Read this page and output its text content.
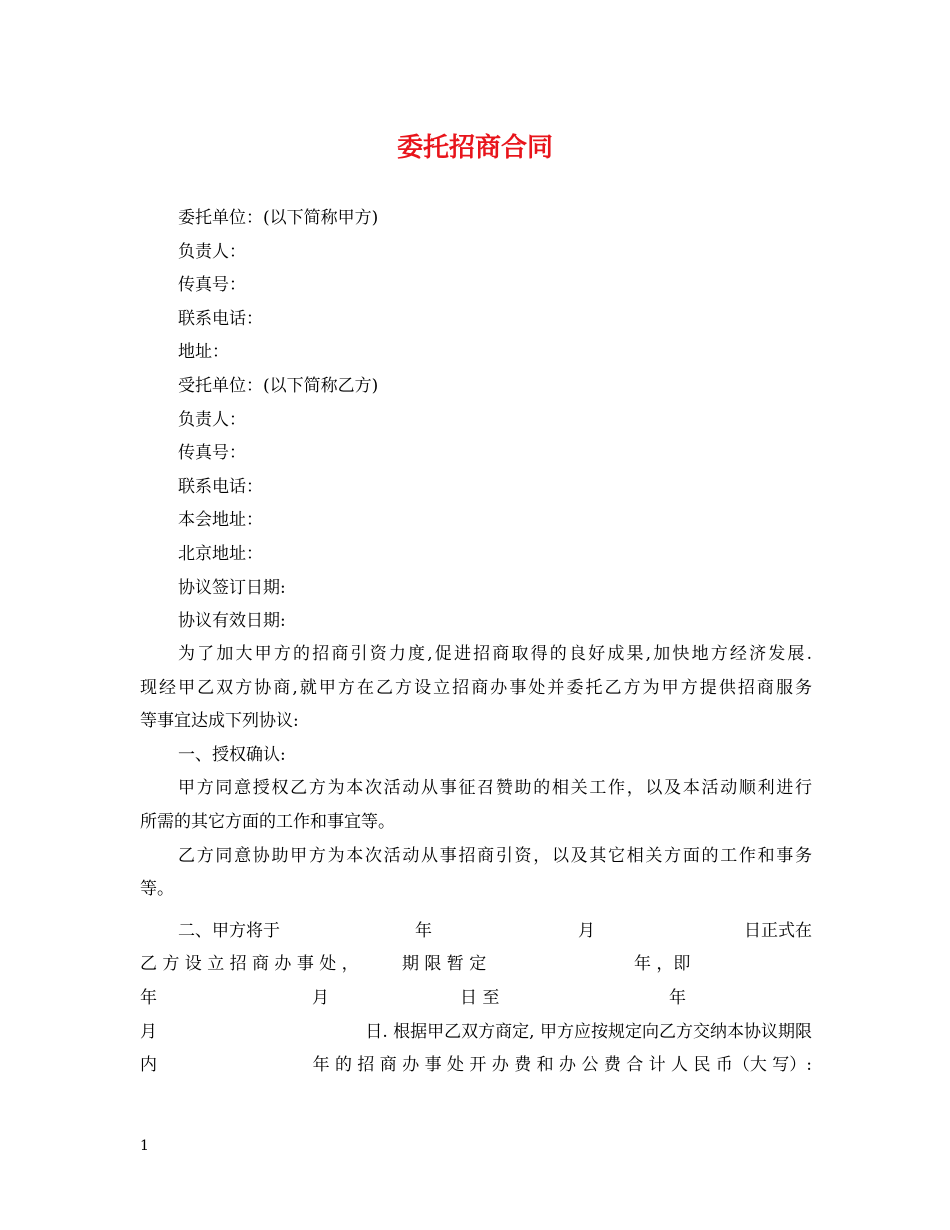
委托招商合同
委托单位：(以下简称甲方)
负责人：
传真号：
联系电话：
地址：
受托单位：(以下简称乙方)
负责人：
传真号：
联系电话：
本会地址：
北京地址：
协议签订日期:
协议有效日期:

为了加大甲方的招商引资力度,促进招商取得的良好成果,加快地方经济发展.

现经甲乙双方协商,就甲方在乙方设立招商办事处并委托乙方为甲方提供招商服务

等事宜达成下列协议:

一、授权确认:

甲方同意授权乙方为本次活动从事征召赞助的相关工作，以及本活动顺利进行

所需的其它方面的工作和事宜等。

乙方同意协助甲方为本次活动从事招商引资，以及其它相关方面的工作和事务

等。

二、甲方将于	年	月	日正式在
乙 方 设 立 招 商 办 事 处 ，	期 限 暂 定	年 ，即
年	月	日 至	年
月	日. 根据甲乙双方商定, 甲方应按规定向乙方交纳本协议期限
内	年 的 招 商 办 事 处 开 办 费 和 办 公 费 合 计 人 民 币（大 写）:
1
